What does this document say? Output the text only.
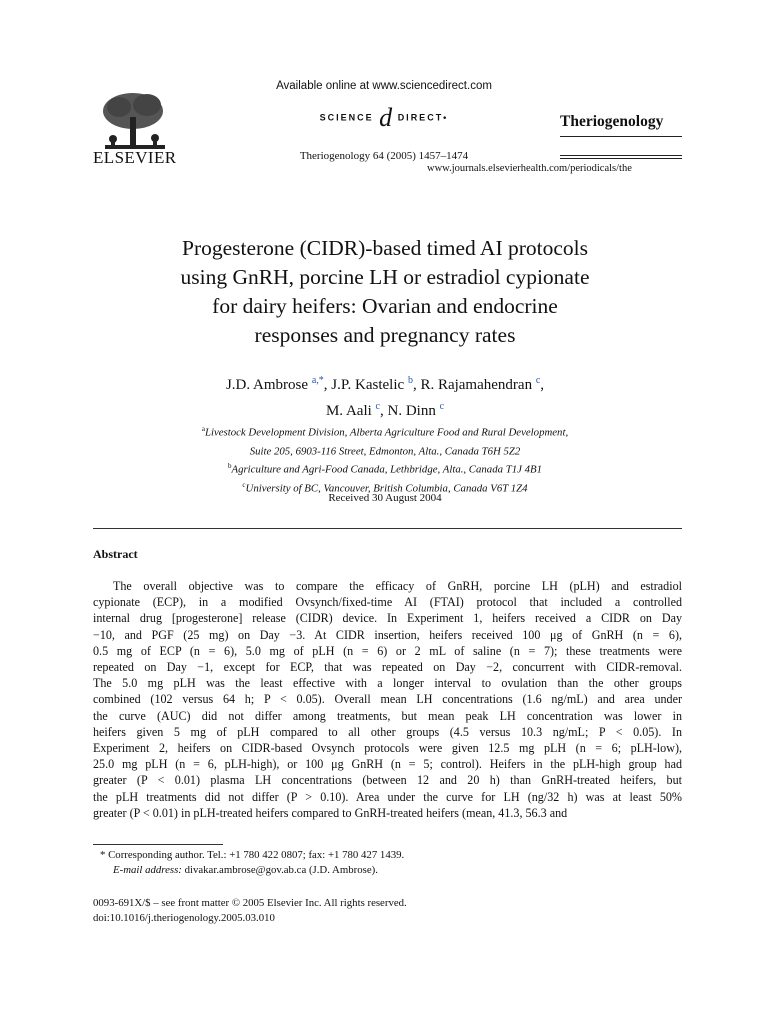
ELSEVIER
Available online at www.sciencedirect.com
SCIENCE d DIRECT•	Theriogenology
Theriogenology 64 (2005) 1457–1474
www.journals.elsevierhealth.com/periodicals/the
Progesterone (CIDR)-based timed AI protocols
using GnRH, porcine LH or estradiol cypionate
for dairy heifers: Ovarian and endocrine
responses and pregnancy rates
J.D. Ambrose $^{a,*}$, J.P. Kastelic $^b$, R. Rajamahendran $^c$,
M. Aali $^c$, N. Dinn $^c$
$^a$Livestock Development Division, Alberta Agriculture Food and Rural Development,
Suite 205, 6903-116 Street, Edmonton, Alta., Canada T6H 5Z2
$^b$Agriculture and Agri-Food Canada, Lethbridge, Alta., Canada T1J 4B1
$^c$University of BC, Vancouver, British Columbia, Canada V6T 1Z4
Received 30 August 2004
Abstract
The overall objective was to compare the efficacy of GnRH, porcine LH (pLH) and estradiol
cypionate (ECP), in a modified Ovsynch/fixed-time AI (FTAI) protocol that included a controlled
internal drug [progesterone] release (CIDR) device. In Experiment 1, heifers received a CIDR on Day
−10, and PGF (25 mg) on Day −3. At CIDR insertion, heifers received 100 μg of GnRH (n = 6),
0.5 mg of ECP (n = 6), 5.0 mg of pLH (n = 6) or 2 mL of saline (n = 7); these treatments were
repeated on Day −1, except for ECP, that was repeated on Day −2, concurrent with CIDR-removal.
The 5.0 mg pLH was the least effective with a longer interval to ovulation than the other groups
combined (102 versus 64 h; P < 0.05). Overall mean LH concentrations (1.6 ng/mL) and area under
the curve (AUC) did not differ among treatments, but mean peak LH concentration was lower in
heifers given 5 mg of pLH compared to all other groups (4.5 versus 10.3 ng/mL; P < 0.05). In
Experiment 2, heifers on CIDR-based Ovsynch protocols were given 12.5 mg pLH (n = 6; pLH-low),
25.0 mg pLH (n = 6, pLH-high), or 100 μg GnRH (n = 5; control). Heifers in the pLH-high group had
greater (P < 0.01) plasma LH concentrations (between 12 and 20 h) than GnRH-treated heifers, but
the pLH treatments did not differ (P > 0.10). Area under the curve for LH (ng/32 h) was at least 50%
greater (P < 0.01) in pLH-treated heifers compared to GnRH-treated heifers (mean, 41.3, 56.3 and
* Corresponding author. Tel.: +1 780 422 0807; fax: +1 780 427 1439.
E-mail address: divakar.ambrose@gov.ab.ca (J.D. Ambrose).
0093-691X/$ – see front matter © 2005 Elsevier Inc. All rights reserved.
doi:10.1016/j.theriogenology.2005.03.010
